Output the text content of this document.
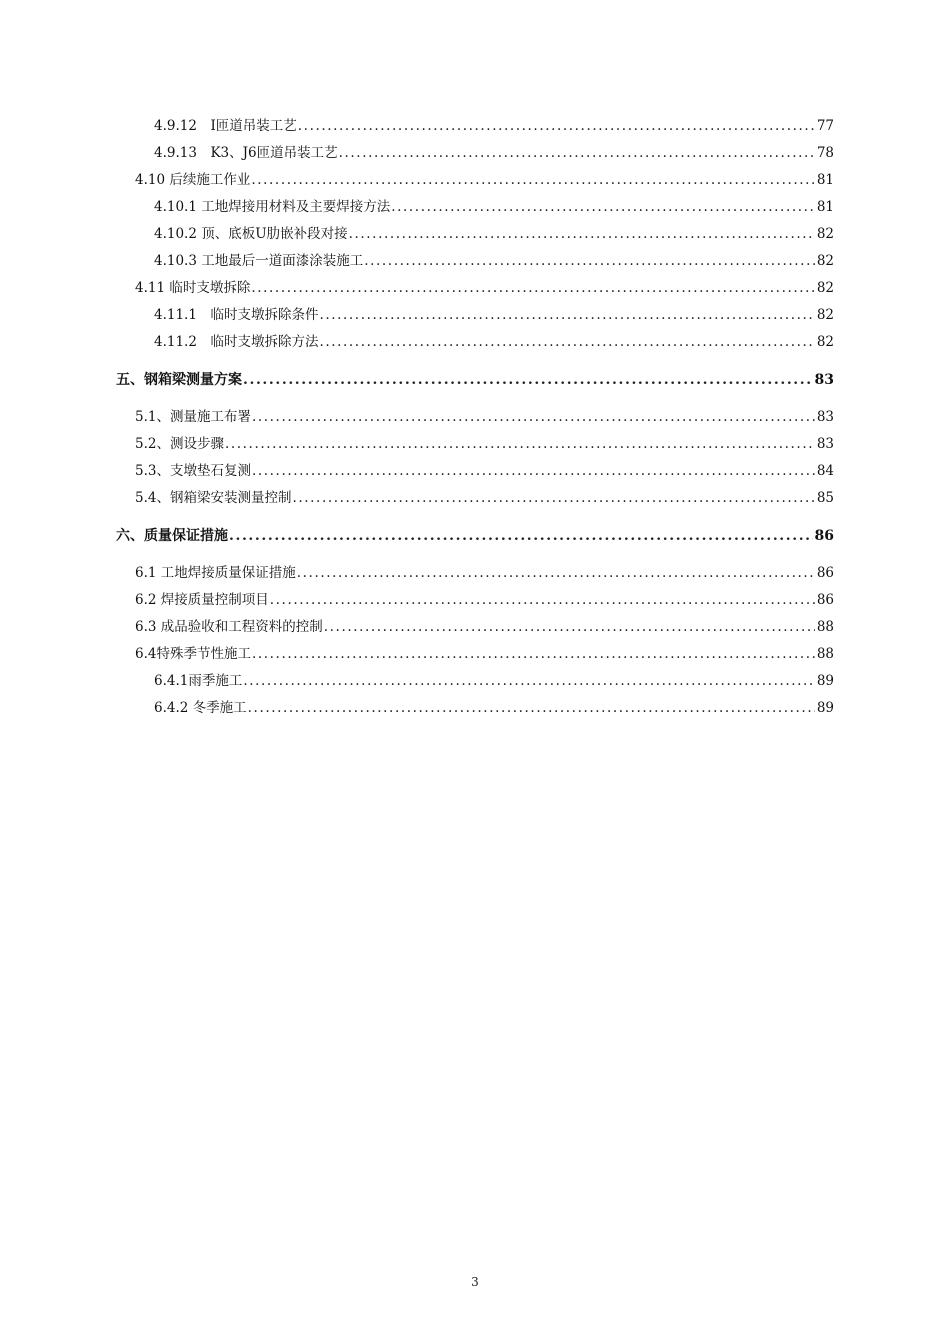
4.9.12　I匝道吊装工艺 .....	77
4.9.13　K3、J6匝道吊装工艺 .....	78
4.10 后续施工作业 .....	81
4.10.1 工地焊接用材料及主要焊接方法 .....	81
4.10.2 顶、底板U肋嵌补段对接 .....	82
4.10.3 工地最后一道面漆涂装施工 .....	82
4.11 临时支墩拆除 .....	82
4.11.1　临时支墩拆除条件 .....	82
4.11.2　临时支墩拆除方法 .....	82
五、钢箱梁测量方案 .....	83
5.1、测量施工布署 .....	83
5.2、测设步骤 .....	83
5.3、支墩垫石复测 .....	84
5.4、钢箱梁安装测量控制 .....	85
六、质量保证措施 .....	86
6.1 工地焊接质量保证措施 .....	86
6.2 焊接质量控制项目 .....	86
6.3 成品验收和工程资料的控制 .....	88
6.4特殊季节性施工 .....	88
6.4.1雨季施工 .....	89
6.4.2 冬季施工 .....	89
3
